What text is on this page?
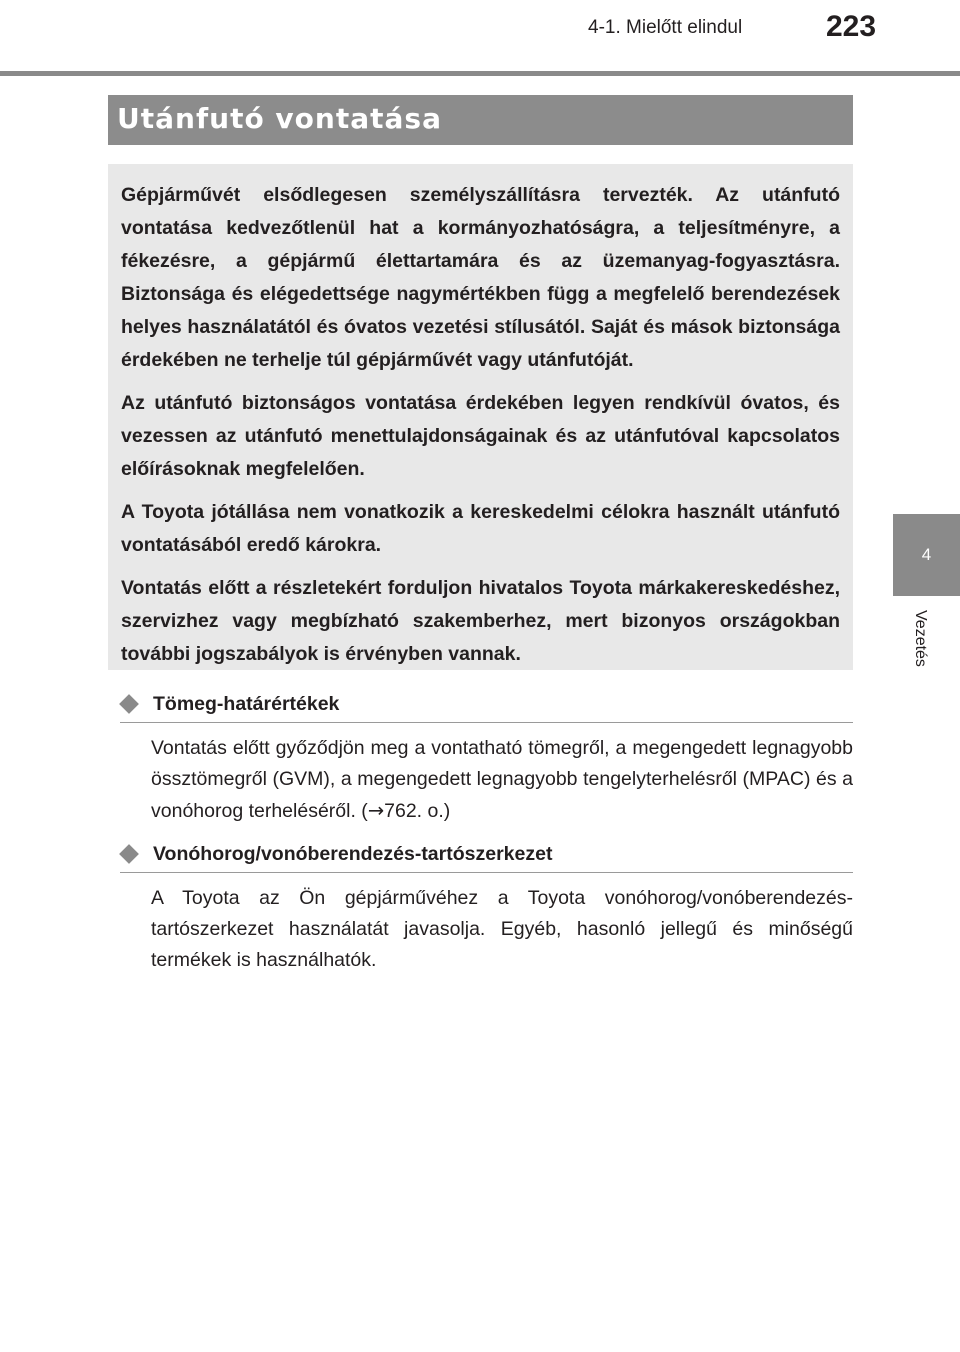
4-1. Mielőtt elindul	223
4
Vezetés
Utánfutó vontatása

Gépjárművét elsődlegesen személyszállításra tervezték. Az utánfutó vontatása kedvezőtlenül hat a kormányozhatóságra, a teljesítményre, a fékezésre, a gépjármű élettartamára és az üzemanyag-fogyasztásra. Biztonsága és elégedettsége nagymértékben függ a megfelelő berendezések helyes használatától és óvatos vezetési stílusától. Saját és mások biztonsága érdekében ne terhelje túl gépjárművét vagy utánfutóját.

Az utánfutó biztonságos vontatása érdekében legyen rendkívül óvatos, és vezessen az utánfutó menettulajdonságainak és az utánfutóval kapcsolatos előírásoknak megfelelően.

A Toyota jótállása nem vonatkozik a kereskedelmi célokra használt utánfutó vontatásából eredő károkra.

Vontatás előtt a részletekért forduljon hivatalos Toyota márkakereskedéshez, szervizhez vagy megbízható szakemberhez, mert bizonyos országokban további jogszabályok is érvényben vannak.

Tömeg-határértékek
Vontatás előtt győződjön meg a vontatható tömegről, a megengedett legnagyobb össztömegről (GVM), a megengedett legnagyobb tengelyterhelésről (MPAC) és a vonóhorog terheléséről. (→762. o.)
Vonóhorog/vonóberendezés-tartószerkezet
A Toyota az Ön gépjárművéhez a Toyota vonóhorog/vonóberendezés-tartószerkezet használatát javasolja. Egyéb, hasonló jellegű és minőségű termékek is használhatók.
